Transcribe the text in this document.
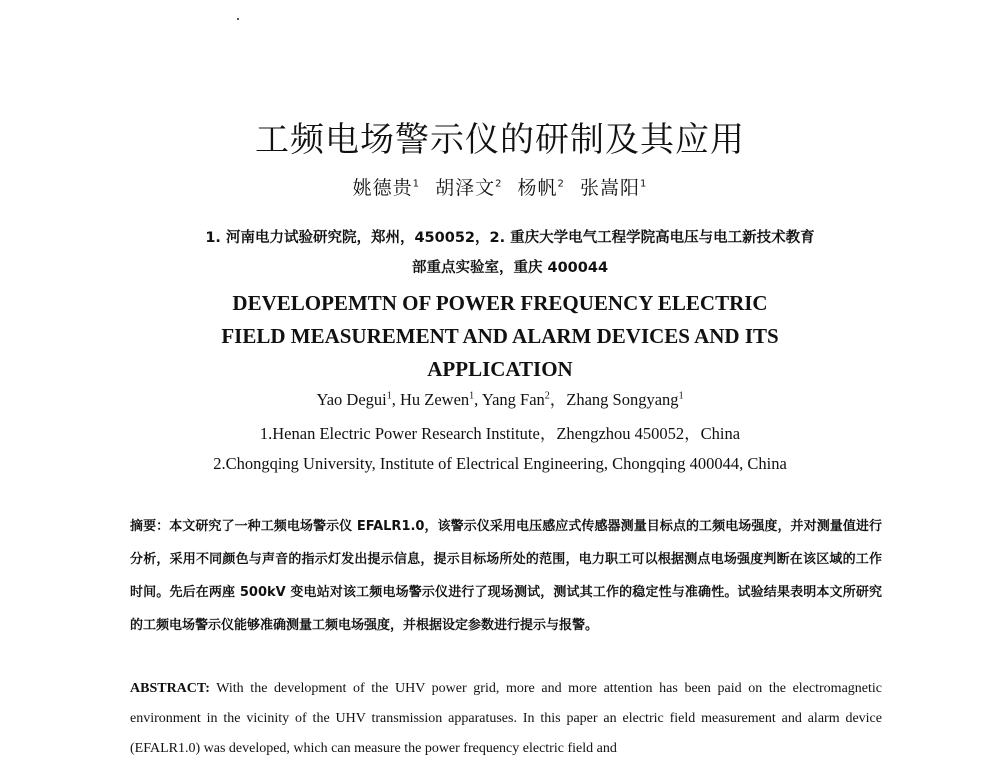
工频电场警示仪的研制及其应用
姚德贵$^1$ 胡泽文$^2$ 杨帆$^2$ 张嵩阳$^1$
1. 河南电力试验研究院，郑州，450052，2. 重庆大学电气工程学院高电压与电工新技术教育
部重点实验室，重庆 400044
DEVELOPEMTN OF POWER FREQUENCY ELECTRIC
FIELD MEASUREMENT AND ALARM DEVICES AND ITS
APPLICATION
Yao Degui$^1$, Hu Zewen$^1$, Yang Fan$^2$，Zhang Songyang$^1$
1.Henan Electric Power Research Institute，Zhengzhou 450052，China
2.Chongqing University, Institute of Electrical Engineering, Chongqing 400044, China

摘要：本文研究了一种工频电场警示仪 EFALR1.0，该警示仪采用电压感应式传感器测量目标点的工频电场强度，并对测量值进行分析，采用不同颜色与声音的指示灯发出提示信息，提示目标场所处的范围，电力职工可以根据测点电场强度判断在该区域的工作时间。先后在两座 500kV 变电站对该工频电场警示仪进行了现场测试，测试其工作的稳定性与准确性。试验结果表明本文所研究的工频电场警示仪能够准确测量工频电场强度，并根据设定参数进行提示与报警。

ABSTRACT: With the development of the UHV power grid, more and more attention has been paid on the electromagnetic environment in the vicinity of the UHV transmission apparatuses. In this paper an electric field measurement and alarm device (EFALR1.0) was developed, which can measure the power frequency electric field and
